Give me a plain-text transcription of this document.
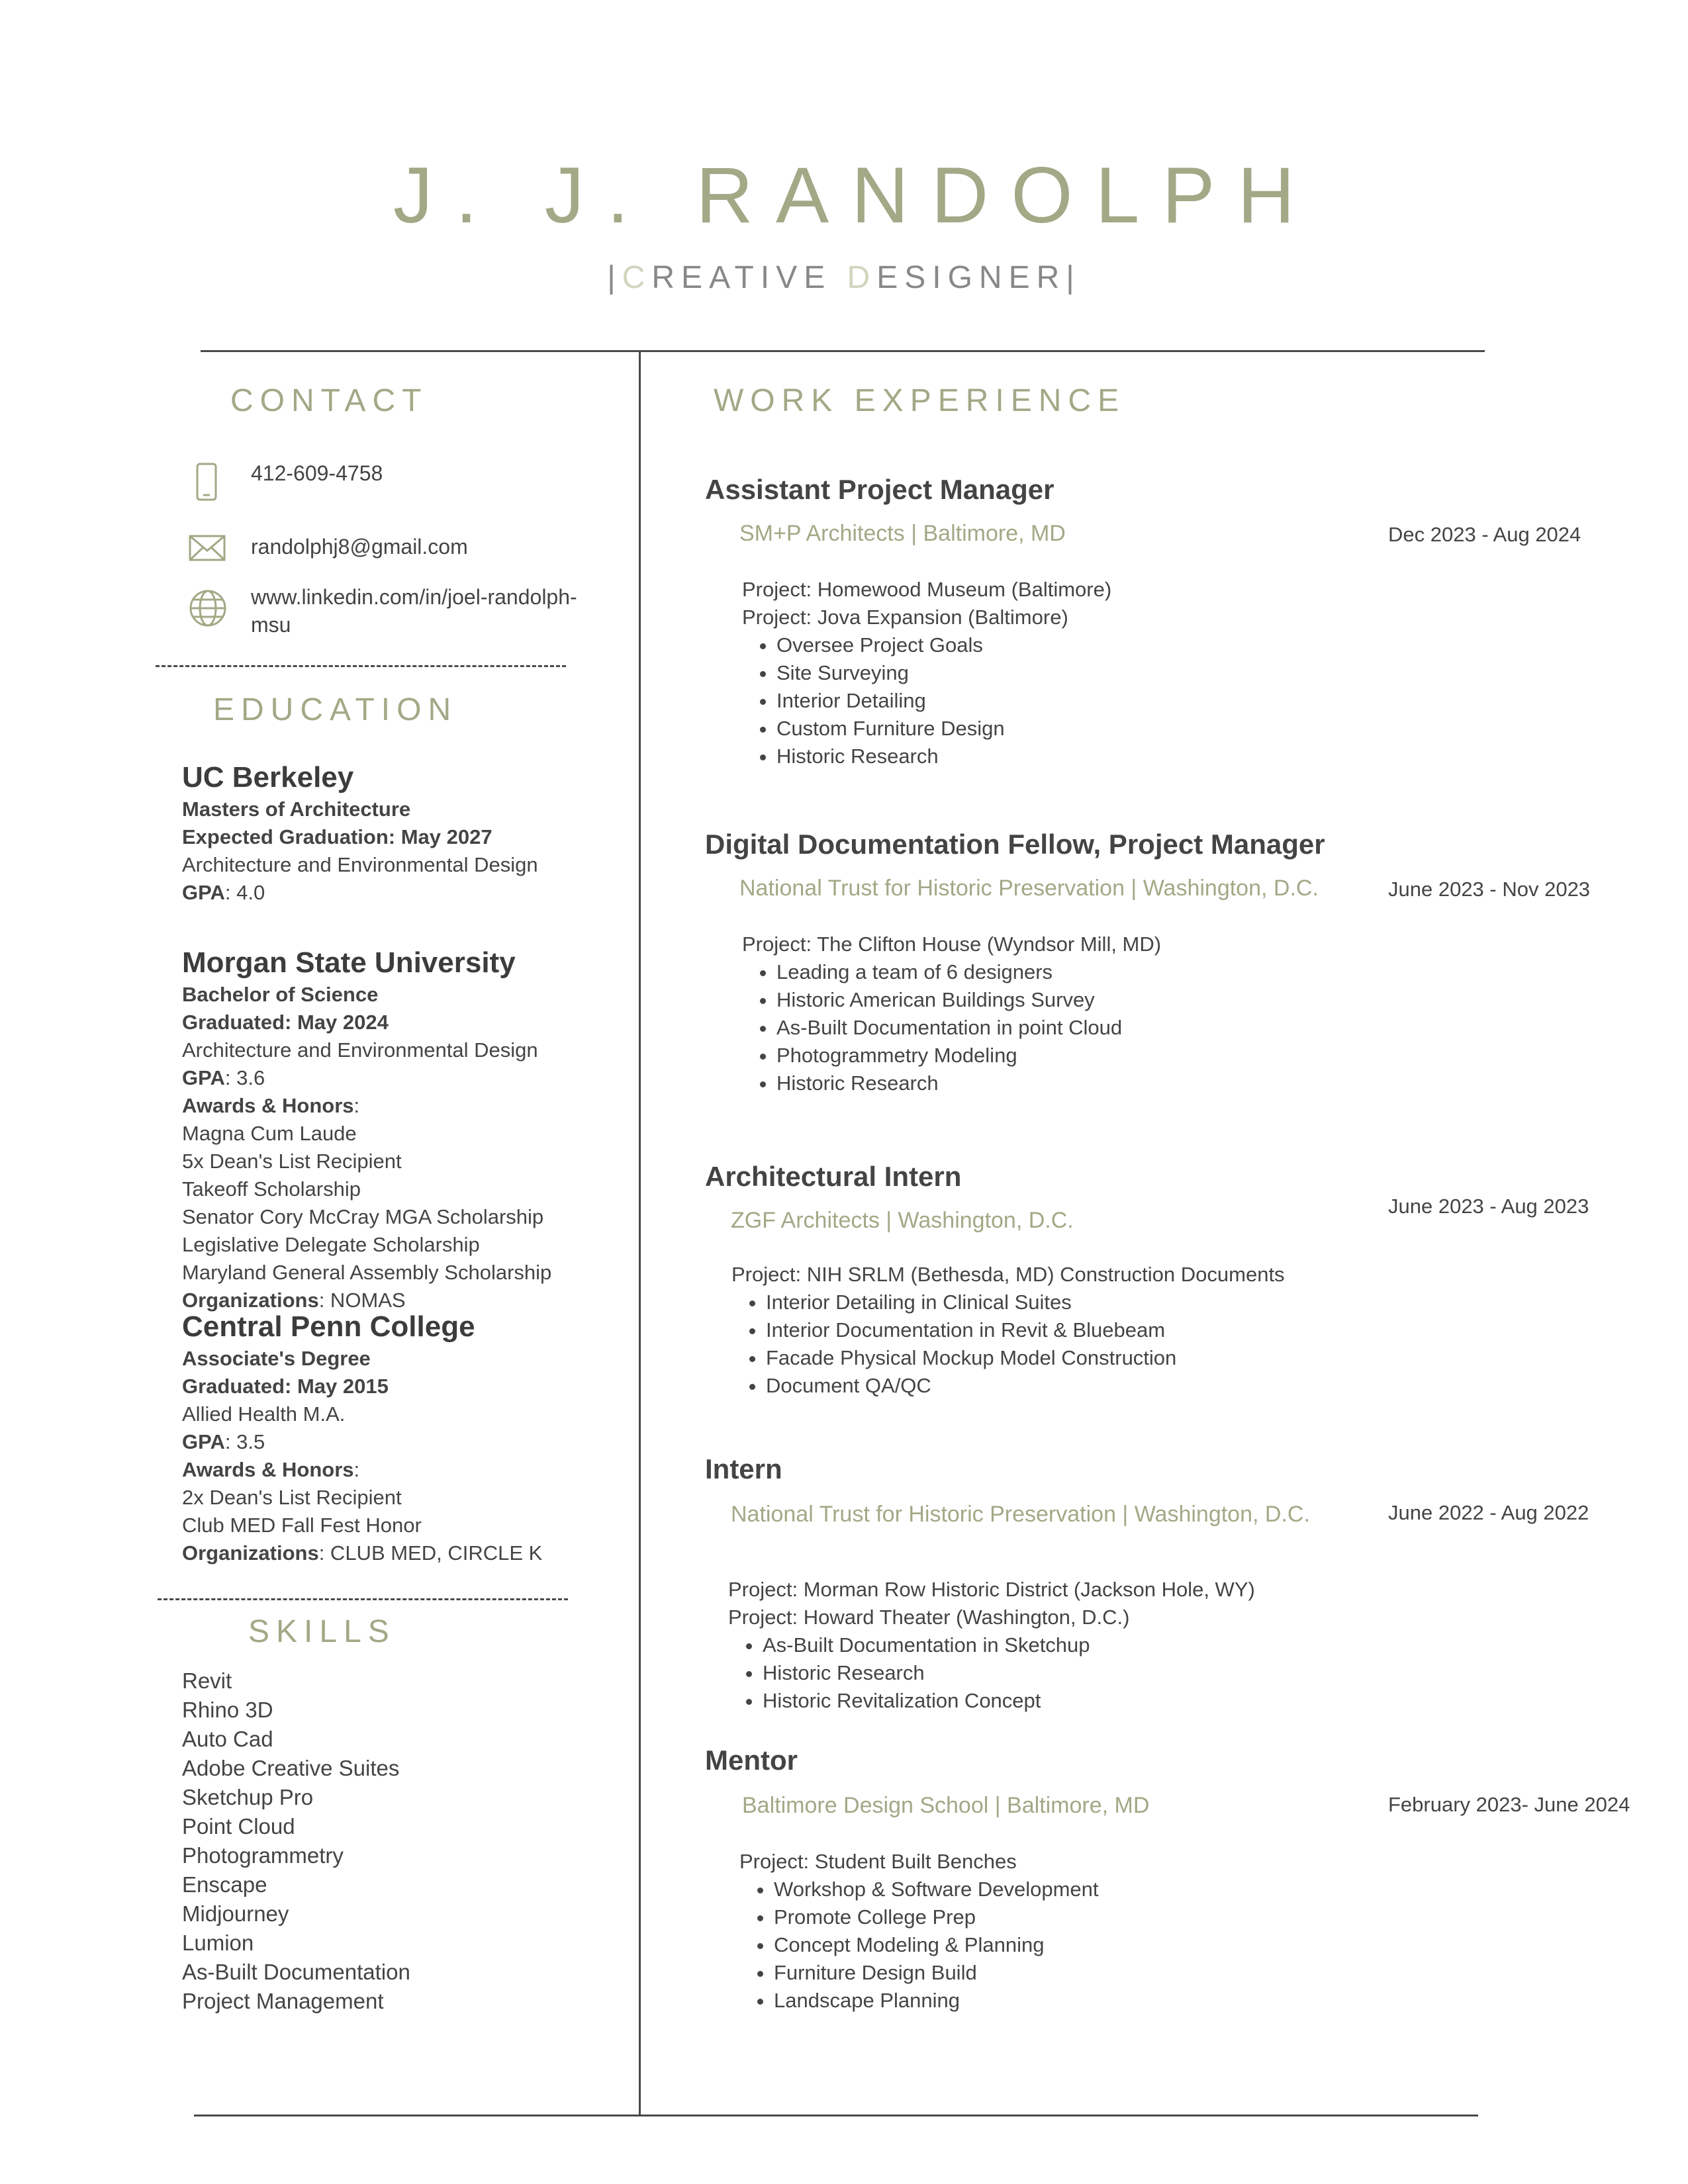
J. J. RANDOLPH
|CREATIVE DESIGNER|
CONTACT
412-609-4758
randolphj8@gmail.com
www.linkedin.com/in/joel-randolph-
msu
EDUCATION
UC Berkeley
Masters of Architecture
Expected Graduation: May 2027
Architecture and Environmental Design
GPA: 4.0
Morgan State University
Bachelor of Science
Graduated: May 2024
Architecture and Environmental Design
GPA: 3.6
Awards & Honors:
Magna Cum Laude
5x Dean's List Recipient
Takeoff Scholarship
Senator Cory McCray MGA Scholarship
Legislative Delegate Scholarship
Maryland General Assembly Scholarship
Organizations: NOMAS
Central Penn College
Associate's Degree
Graduated: May 2015
Allied Health M.A.
GPA: 3.5
Awards & Honors:
2x Dean's List Recipient
Club MED Fall Fest Honor
Organizations: CLUB MED, CIRCLE K
SKILLS
Revit
Rhino 3D
Auto Cad
Adobe Creative Suites
Sketchup Pro
Point Cloud
Photogrammetry
Enscape
Midjourney
Lumion
As-Built Documentation
Project Management
WORK EXPERIENCE
Assistant Project Manager
SM+P Architects | Baltimore, MD	Dec 2023 - Aug 2024
Project: Homewood Museum (Baltimore)
Project: Jova Expansion (Baltimore)
• Oversee Project Goals
• Site Surveying
• Interior Detailing
• Custom Furniture Design
• Historic Research
Digital Documentation Fellow, Project Manager
National Trust for Historic Preservation | Washington, D.C.	June 2023 - Nov 2023
Project: The Clifton House (Wyndsor Mill, MD)
• Leading a team of 6 designers
• Historic American Buildings Survey
• As-Built Documentation in point Cloud
• Photogrammetry Modeling
• Historic Research
Architectural Intern
ZGF Architects | Washington, D.C.
June 2023 - Aug 2023
Project: NIH SRLM (Bethesda, MD) Construction Documents
• Interior Detailing in Clinical Suites
• Interior Documentation in Revit & Bluebeam
• Facade Physical Mockup Model Construction
• Document QA/QC
Intern
National Trust for Historic Preservation | Washington, D.C.	June 2022 - Aug 2022
Project: Morman Row Historic District (Jackson Hole, WY)
Project: Howard Theater (Washington, D.C.)
• As-Built Documentation in Sketchup
• Historic Research
• Historic Revitalization Concept
Mentor
Baltimore Design School | Baltimore, MD	February 2023- June 2024
Project: Student Built Benches
• Workshop & Software Development
• Promote College Prep
• Concept Modeling & Planning
• Furniture Design Build
• Landscape Planning
